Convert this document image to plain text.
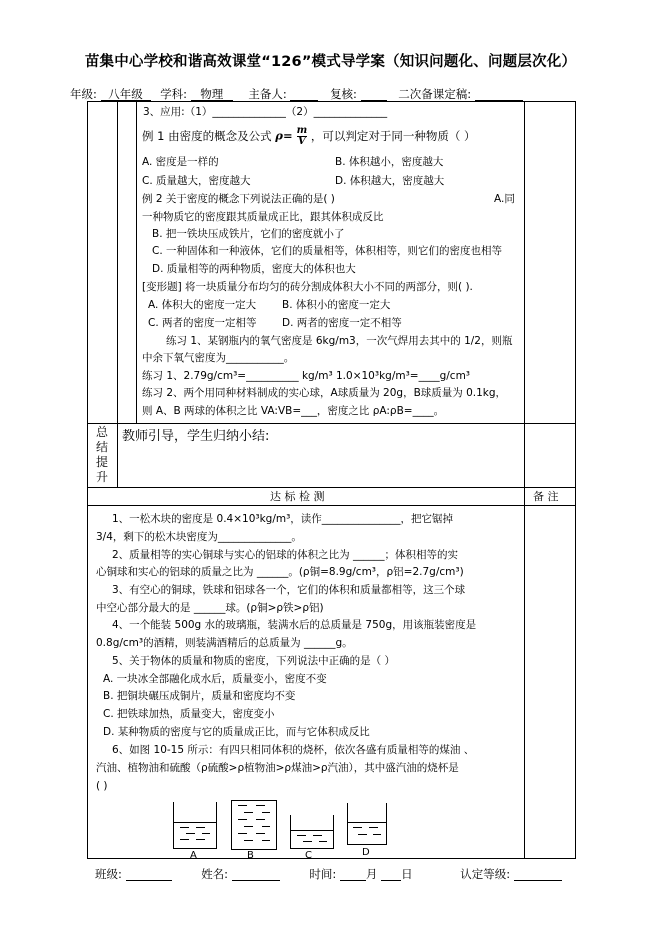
苗集中心学校和谐高效课堂“126”模式导学案（知识问题化、问题层次化）
年级: 八年级 学科: 物理 主备人:	复核:	二次备课定稿:
3、应用:（1）______________（2）______________
例 1 由密度的概念及公式 $\rho= \frac{m}{V}$ ，可以判定对于同一种物质（ ）
A. 密度是一样的	B. 体积越小，密度越大
C. 质量越大，密度越大	D. 体积越大，密度越大
例 2 关于密度的概念下列说法正确的是( )	A.同
一种物质它的密度跟其质量成正比，跟其体积成反比
B. 把一铁块压成铁片，它们的密度就小了
C. 一种固体和一种液体，它们的质量相等，体积相等，则它们的密度也相等
D. 质量相等的两种物质，密度大的体积也大
[变形题] 将一块质量分布均匀的砖分割成体积大小不同的两部分，则( ).
A. 体积大的密度一定大 B. 体积小的密度一定大
C. 两者的密度一定相等 D. 两者的密度一定不相等
练习 1、某钢瓶内的氧气密度是 6kg/m3，一次气焊用去其中的 1/2，则瓶
中余下氧气密度为___________。
练习 1、2.79g/cm³=__________ kg/m³ 1.0×10³kg/m³=____g/cm³
练习 2、两个用同种材料制成的实心球，A球质量为 20g，B球质量为 0.1kg，
则 A、B 两球的体积之比 VA:VB=___，密度之比 ρA:ρB=____。
总
结
提
升
教师引导，学生归纳小结:
达 标 检 测	备 注
1、一松木块的密度是 0.4×10³kg/m³，读作_______________，把它锯掉
3/4，剩下的松木块密度为______________。
2、质量相等的实心铜球与实心的铝球的体积之比为 ______；体积相等的实
心铜球和实心的铝球的质量之比为 ______。(ρ铜=8.9g/cm³，ρ铝=2.7g/cm³)
3、有空心的铜球，铁球和铝球各一个，它们的体积和质量都相等，这三个球
中空心部分最大的是 ______球。(ρ铜>ρ铁>ρ铝)
4、一个能装 500g 水的玻璃瓶，装满水后的总质量是 750g，用该瓶装密度是
0.8g/cm³的酒精，则装满酒精后的总质量为 ______g。
5、关于物体的质量和物质的密度，下列说法中正确的是（ ）
A. 一块冰全部融化成水后，质量变小，密度不变
B. 把铜块碾压成铜片，质量和密度均不变
C. 把铁球加热，质量变大，密度变小
D. 某种物质的密度与它的质量成正比，而与它体积成反比
6、如图 10-15 所示：有四只相同体积的烧杯，依次各盛有质量相等的煤油 、
汽油、植物油和硫酸（ρ硫酸>ρ植物油>ρ煤油>ρ汽油），其中盛汽油的烧杯是
( )
A	B	C	D
班级:	姓名:	时间:	月 日	认定等级:
